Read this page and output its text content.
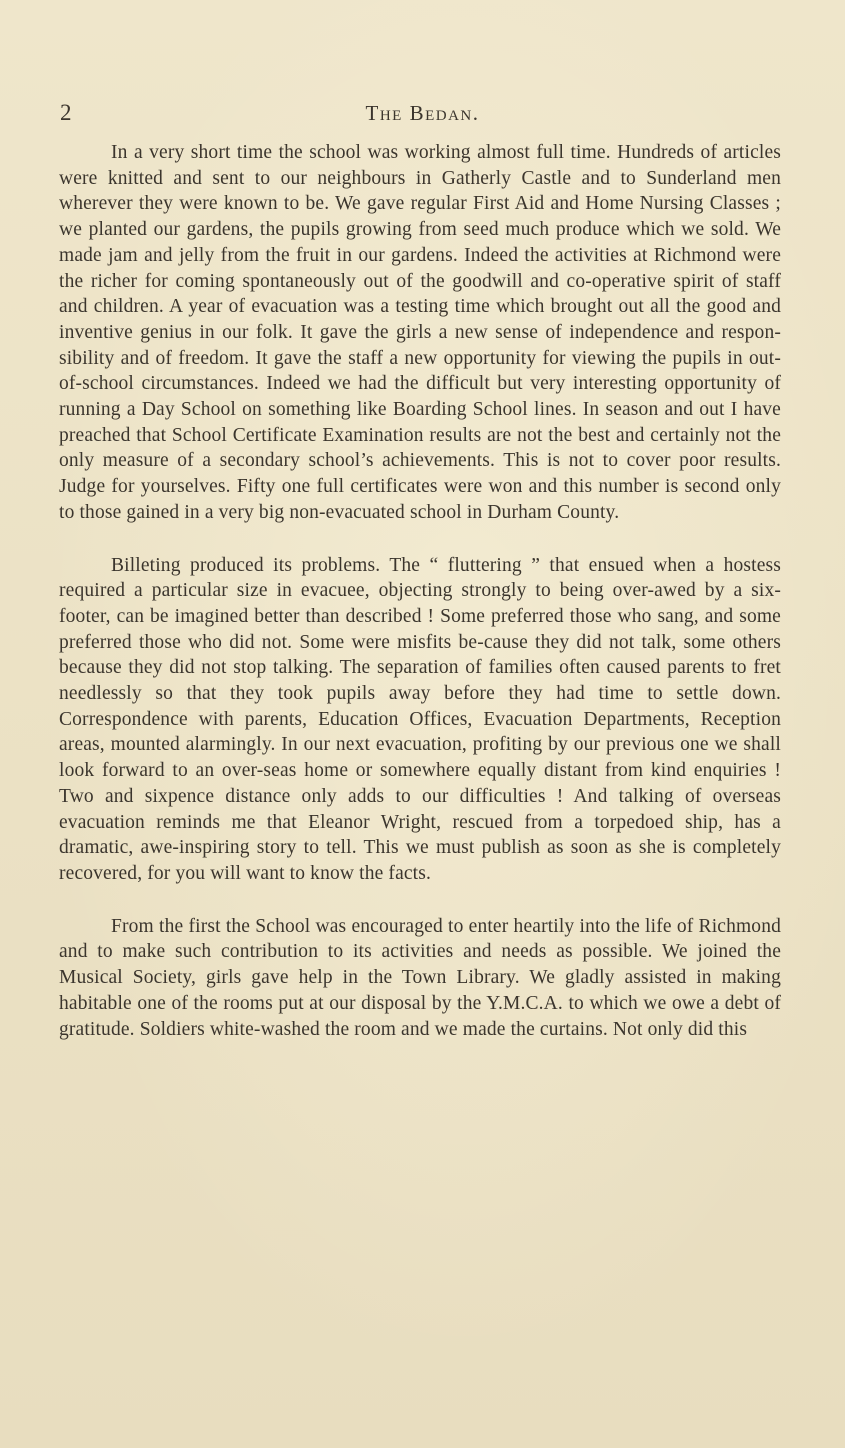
2	The Bedan.

In a very short time the school was working almost full time. Hundreds of articles were knitted and sent to our neighbours in Gatherly Castle and to Sunderland men wherever they were known to be. We gave regular First Aid and Home Nursing Classes ; we planted our gardens, the pupils growing from seed much produce which we sold. We made jam and jelly from the fruit in our gardens. Indeed the activities at Richmond were the richer for coming spontaneously out of the goodwill and co-operative spirit of staff and children. A year of evacuation was a testing time which brought out all the good and inventive genius in our folk. It gave the girls a new sense of independence and respon-sibility and of freedom. It gave the staff a new opportunity for viewing the pupils in out-of-school circumstances. Indeed we had the difficult but very interesting opportunity of running a Day School on something like Boarding School lines. In season and out I have preached that School Certificate Examination results are not the best and certainly not the only measure of a secondary school’s achievements. This is not to cover poor results. Judge for yourselves. Fifty one full certificates were won and this number is second only to those gained in a very big non-evacuated school in Durham County.

Billeting produced its problems. The “ fluttering ” that ensued when a hostess required a particular size in evacuee, objecting strongly to being over-awed by a six-footer, can be imagined better than described ! Some preferred those who sang, and some preferred those who did not. Some were misfits be-cause they did not talk, some others because they did not stop talking. The separation of families often caused parents to fret needlessly so that they took pupils away before they had time to settle down. Correspondence with parents, Education Offices, Evacuation Departments, Reception areas, mounted alarmingly. In our next evacuation, profiting by our previous one we shall look forward to an over-seas home or somewhere equally distant from kind enquiries ! Two and sixpence distance only adds to our difficulties ! And talking of overseas evacuation reminds me that Eleanor Wright, rescued from a torpedoed ship, has a dramatic, awe-inspiring story to tell. This we must publish as soon as she is completely recovered, for you will want to know the facts.

From the first the School was encouraged to enter heartily into the life of Richmond and to make such contribution to its activities and needs as possible. We joined the Musical Society, girls gave help in the Town Library. We gladly assisted in making habitable one of the rooms put at our disposal by the Y.M.C.A. to which we owe a debt of gratitude. Soldiers white-washed the room and we made the curtains. Not only did this
